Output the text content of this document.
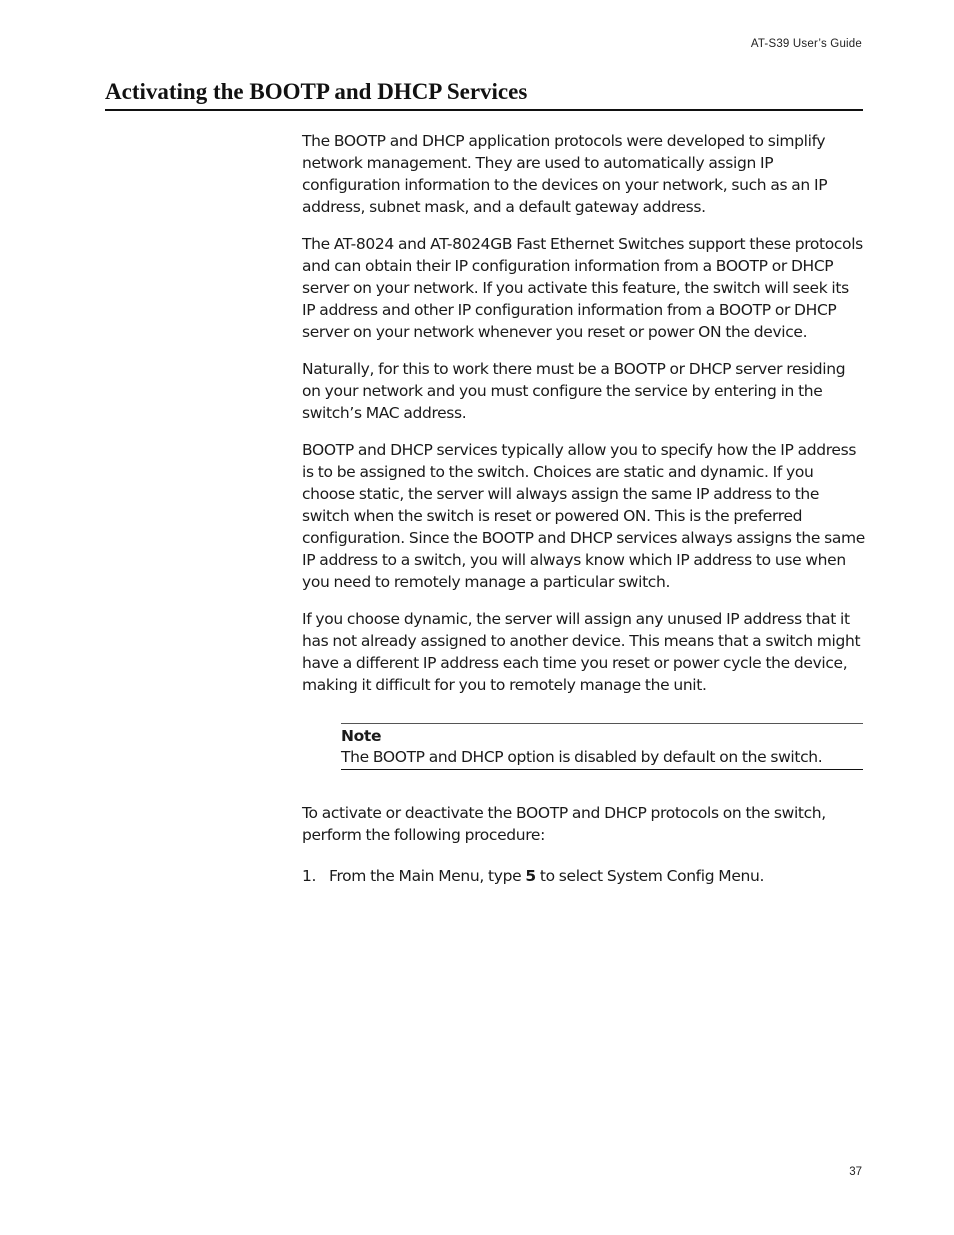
AT-S39 User’s Guide
Activating the BOOTP and DHCP Services

The BOOTP and DHCP application protocols were developed to simplify network management. They are used to automatically assign IP configuration information to the devices on your network, such as an IP address, subnet mask, and a default gateway address.

The AT-8024 and AT-8024GB Fast Ethernet Switches support these protocols and can obtain their IP configuration information from a BOOTP or DHCP server on your network. If you activate this feature, the switch will seek its IP address and other IP configuration information from a BOOTP or DHCP server on your network whenever you reset or power ON the device.

Naturally, for this to work there must be a BOOTP or DHCP server residing on your network and you must configure the service by entering in the switch’s MAC address.

BOOTP and DHCP services typically allow you to specify how the IP address is to be assigned to the switch. Choices are static and dynamic. If you choose static, the server will always assign the same IP address to the switch when the switch is reset or powered ON. This is the preferred configuration. Since the BOOTP and DHCP services always assigns the same IP address to a switch, you will always know which IP address to use when you need to remotely manage a particular switch.

If you choose dynamic, the server will assign any unused IP address that it has not already assigned to another device. This means that a switch might have a different IP address each time you reset or power cycle the device, making it difficult for you to remotely manage the unit.

Note
The BOOTP and DHCP option is disabled by default on the switch.

To activate or deactivate the BOOTP and DHCP protocols on the switch, perform the following procedure:

1. From the Main Menu, type 5 to select System Config Menu.
37
